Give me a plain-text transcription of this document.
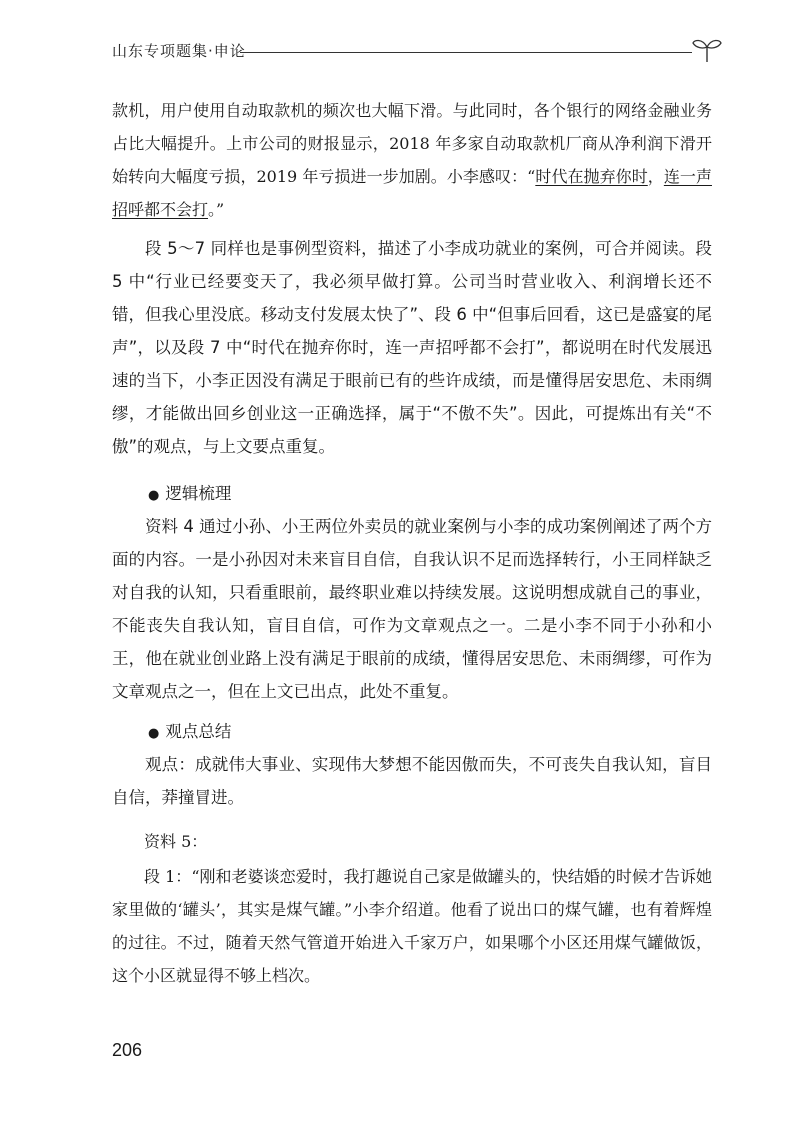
山东专项题集·申论
款机，用户使用自动取款机的频次也大幅下滑。与此同时，各个银行的网络金融业务占比大幅提升。上市公司的财报显示，2018 年多家自动取款机厂商从净利润下滑开始转向大幅度亏损，2019 年亏损进一步加剧。小李感叹：“时代在抛弃你时，连一声招呼都不会打。”
段 5～7 同样也是事例型资料，描述了小李成功就业的案例，可合并阅读。段 5 中“行业已经要变天了，我必须早做打算。公司当时营业收入、利润增长还不错，但我心里没底。移动支付发展太快了”、段 6 中“但事后回看，这已是盛宴的尾声”，以及段 7 中“时代在抛弃你时，连一声招呼都不会打”，都说明在时代发展迅速的当下，小李正因没有满足于眼前已有的些许成绩，而是懂得居安思危、未雨绸缪，才能做出回乡创业这一正确选择，属于“不傲不失”。因此，可提炼出有关“不傲”的观点，与上文要点重复。
● 逻辑梳理
资料 4 通过小孙、小王两位外卖员的就业案例与小李的成功案例阐述了两个方面的内容。一是小孙因对未来盲目自信，自我认识不足而选择转行，小王同样缺乏对自我的认知，只看重眼前，最终职业难以持续发展。这说明想成就自己的事业，不能丧失自我认知，盲目自信，可作为文章观点之一。二是小李不同于小孙和小王，他在就业创业路上没有满足于眼前的成绩，懂得居安思危、未雨绸缪，可作为文章观点之一，但在上文已出点，此处不重复。
● 观点总结
观点：成就伟大事业、实现伟大梦想不能因傲而失，不可丧失自我认知，盲目自信，莽撞冒进。
资料 5：
段 1：“刚和老婆谈恋爱时，我打趣说自己家是做罐头的，快结婚的时候才告诉她家里做的‘罐头’，其实是煤气罐。”小李介绍道。他看了说出口的煤气罐，也有着辉煌的过往。不过，随着天然气管道开始进入千家万户，如果哪个小区还用煤气罐做饭，这个小区就显得不够上档次。
206
